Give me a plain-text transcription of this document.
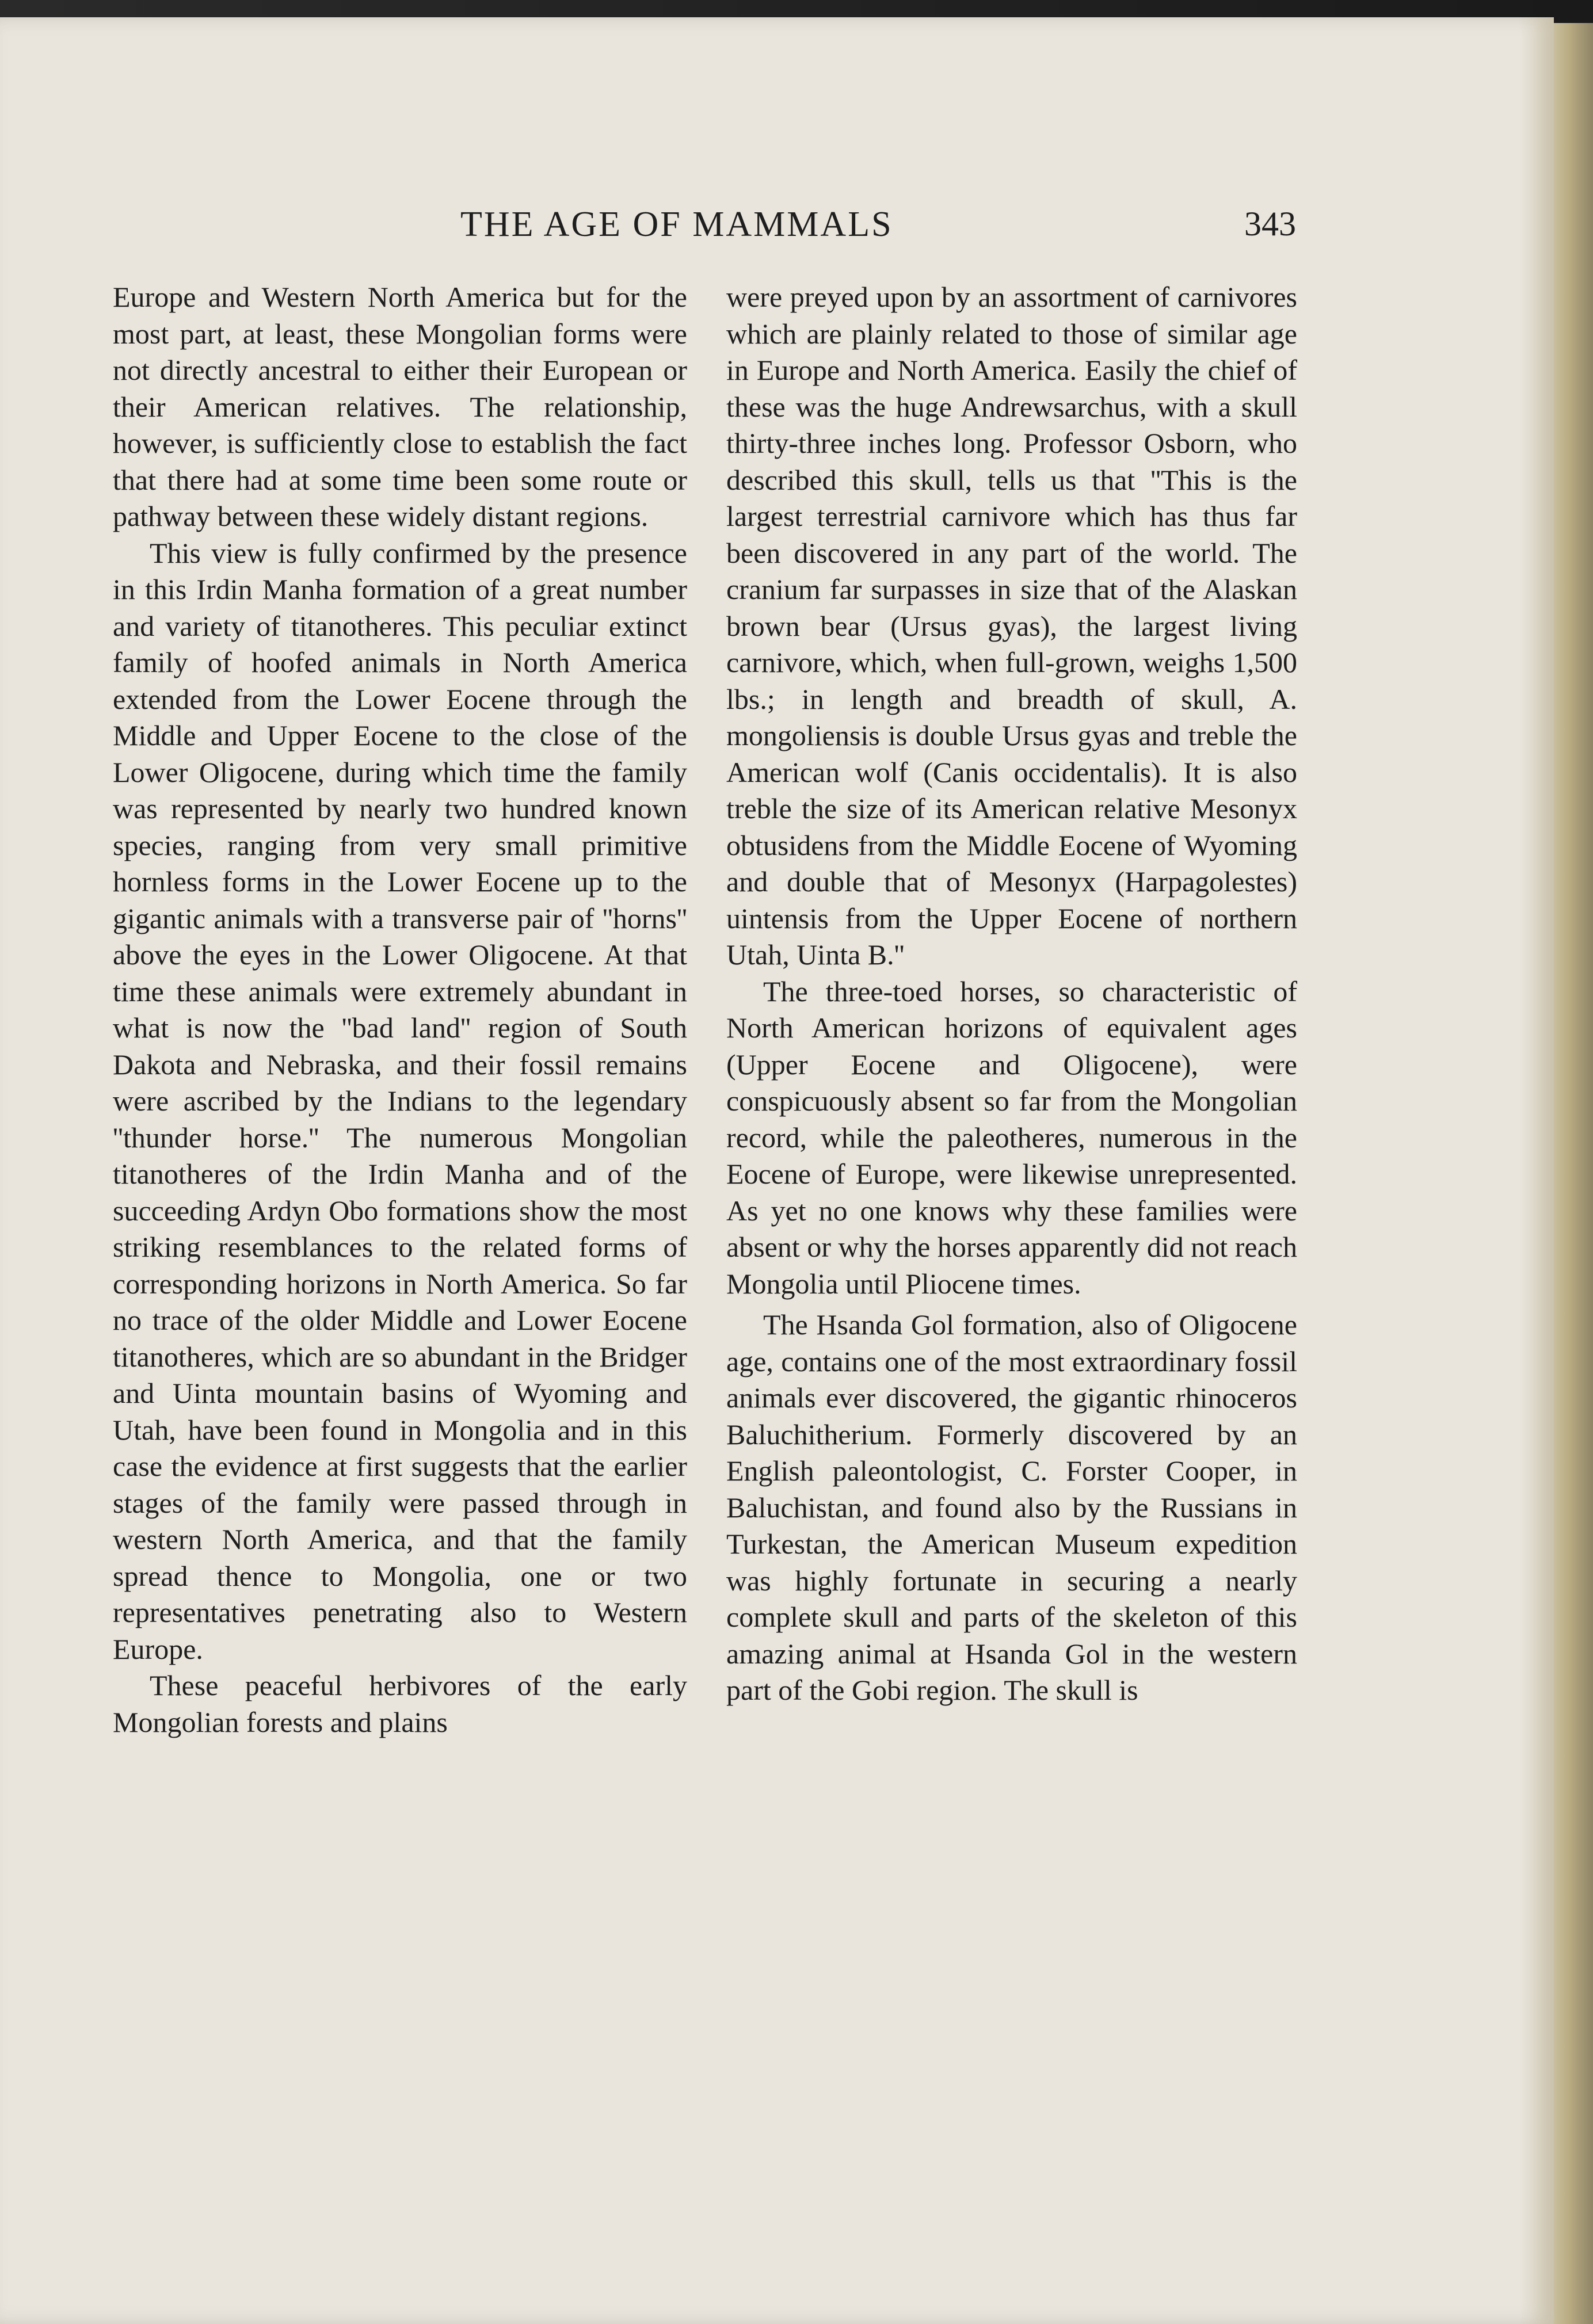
THE AGE OF MAMMALS	343

Europe and Western North America but for the most part, at least, these Mongolian forms were not directly ancestral to either their European or their American relatives. The relationship, however, is sufficiently close to establish the fact that there had at some time been some route or pathway between these widely distant regions.

This view is fully confirmed by the presence in this Irdin Manha formation of a great number and variety of titanotheres. This peculiar extinct family of hoofed animals in North America extended from the Lower Eocene through the Middle and Upper Eocene to the close of the Lower Oligocene, during which time the family was represented by nearly two hundred known species, ranging from very small primitive hornless forms in the Lower Eocene up to the gigantic animals with a transverse pair of ''horns'' above the eyes in the Lower Oligocene. At that time these animals were extremely abundant in what is now the ''bad land'' region of South Dakota and Nebraska, and their fossil remains were ascribed by the Indians to the legendary ''thunder horse.'' The numerous Mongolian titanotheres of the Irdin Manha and of the succeeding Ardyn Obo formations show the most striking resemblances to the related forms of corresponding horizons in North America. So far no trace of the older Middle and Lower Eocene titanotheres, which are so abundant in the Bridger and Uinta mountain basins of Wyoming and Utah, have been found in Mongolia and in this case the evidence at first suggests that the earlier stages of the family were passed through in western North America, and that the family spread thence to Mongolia, one or two representatives penetrating also to Western Europe.

These peaceful herbivores of the early Mongolian forests and plains

were preyed upon by an assortment of carnivores which are plainly related to those of similar age in Europe and North America. Easily the chief of these was the huge Andrewsarchus, with a skull thirty-three inches long. Professor Osborn, who described this skull, tells us that ''This is the largest terrestrial carnivore which has thus far been discovered in any part of the world. The cranium far surpasses in size that of the Alaskan brown bear (Ursus gyas), the largest living carnivore, which, when full-grown, weighs 1,500 lbs.; in length and breadth of skull, A. mongoliensis is double Ursus gyas and treble the American wolf (Canis occidentalis). It is also treble the size of its American relative Mesonyx obtusidens from the Middle Eocene of Wyoming and double that of Mesonyx (Harpagolestes) uintensis from the Upper Eocene of northern Utah, Uinta B.''

The three-toed horses, so characteristic of North American horizons of equivalent ages (Upper Eocene and Oligocene), were conspicuously absent so far from the Mongolian record, while the paleotheres, numerous in the Eocene of Europe, were likewise unrepresented. As yet no one knows why these families were absent or why the horses apparently did not reach Mongolia until Pliocene times.

The Hsanda Gol formation, also of Oligocene age, contains one of the most extraordinary fossil animals ever discovered, the gigantic rhinoceros Baluchitherium. Formerly discovered by an English paleontologist, C. Forster Cooper, in Baluchistan, and found also by the Russians in Turkestan, the American Museum expedition was highly fortunate in securing a nearly complete skull and parts of the skeleton of this amazing animal at Hsanda Gol in the western part of the Gobi region. The skull is
